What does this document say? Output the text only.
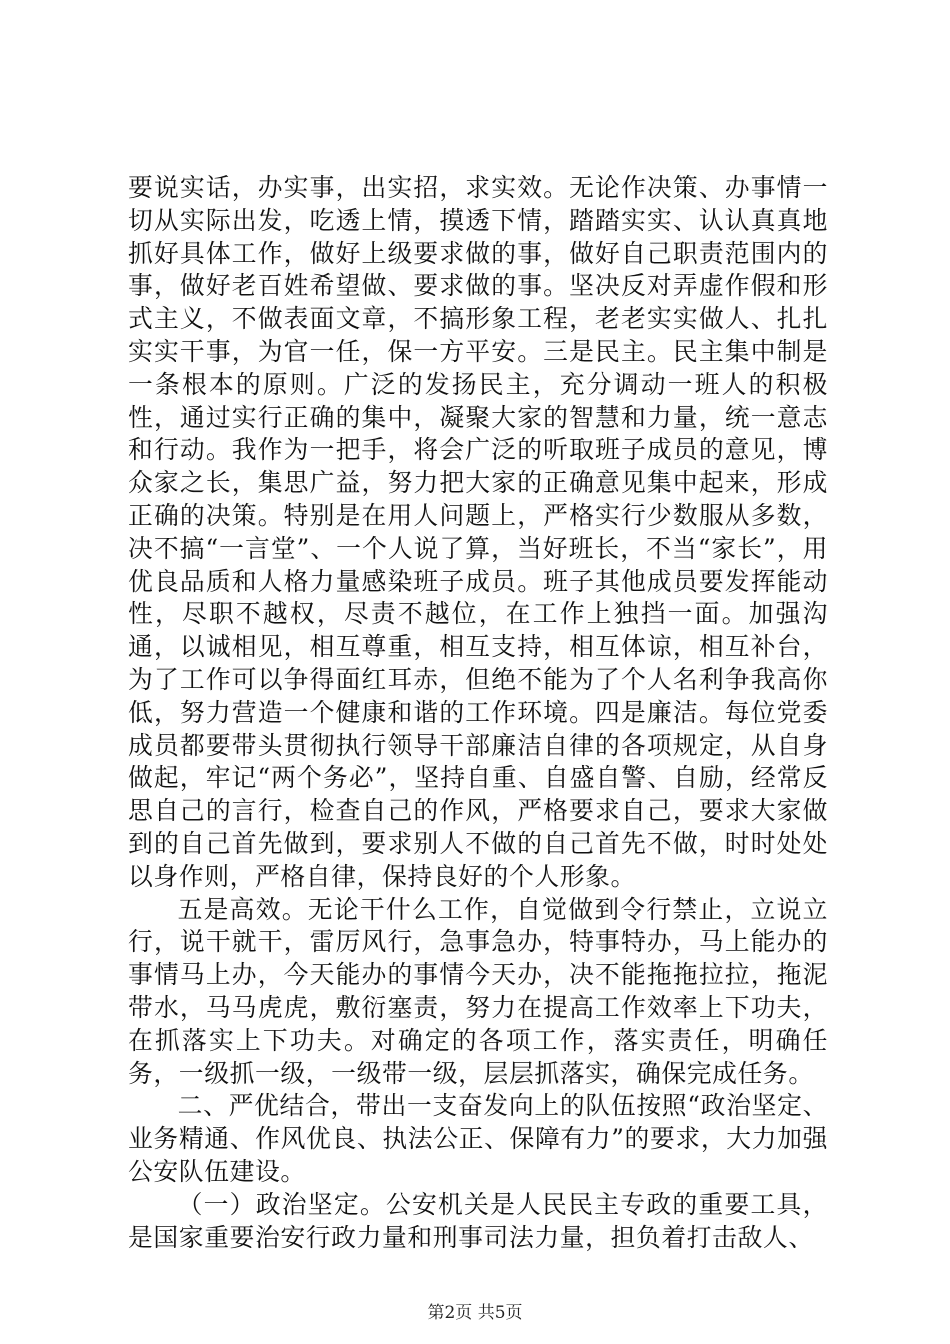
要说实话，办实事，出实招，求实效。无论作决策、办事情一切从实际出发，吃透上情，摸透下情，踏踏实实、认认真真地抓好具体工作，做好上级要求做的事，做好自己职责范围内的事，做好老百姓希望做、要求做的事。坚决反对弄虚作假和形式主义，不做表面文章，不搞形象工程，老老实实做人、扎扎实实干事，为官一任，保一方平安。三是民主。民主集中制是一条根本的原则。广泛的发扬民主，充分调动一班人的积极性，通过实行正确的集中，凝聚大家的智慧和力量，统一意志和行动。我作为一把手，将会广泛的听取班子成员的意见，博众家之长，集思广益，努力把大家的正确意见集中起来，形成正确的决策。特别是在用人问题上，严格实行少数服从多数，决不搞“一言堂”、一个人说了算，当好班长，不当“家长”，用优良品质和人格力量感染班子成员。班子其他成员要发挥能动性，尽职不越权，尽责不越位，在工作上独挡一面。加强沟通，以诚相见，相互尊重，相互支持，相互体谅，相互补台，为了工作可以争得面红耳赤，但绝不能为了个人名利争我高你低，努力营造一个健康和谐的工作环境。四是廉洁。每位党委成员都要带头贯彻执行领导干部廉洁自律的各项规定，从自身做起，牢记“两个务必”，坚持自重、自盛自警、自励，经常反思自己的言行，检查自己的作风，严格要求自己，要求大家做到的自己首先做到，要求别人不做的自己首先不做，时时处处以身作则，严格自律，保持良好的个人形象。

五是高效。无论干什么工作，自觉做到令行禁止，立说立行，说干就干，雷厉风行，急事急办，特事特办，马上能办的事情马上办，今天能办的事情今天办，决不能拖拖拉拉，拖泥带水，马马虎虎，敷衍塞责，努力在提高工作效率上下功夫，在抓落实上下功夫。对确定的各项工作，落实责任，明确任务，一级抓一级，一级带一级，层层抓落实，确保完成任务。

二、严优结合，带出一支奋发向上的队伍按照“政治坚定、业务精通、作风优良、执法公正、保障有力”的要求，大力加强公安队伍建设。

（一）政治坚定。公安机关是人民民主专政的重要工具，是国家重要治安行政力量和刑事司法力量，担负着打击敌人、

第2页 共5页
